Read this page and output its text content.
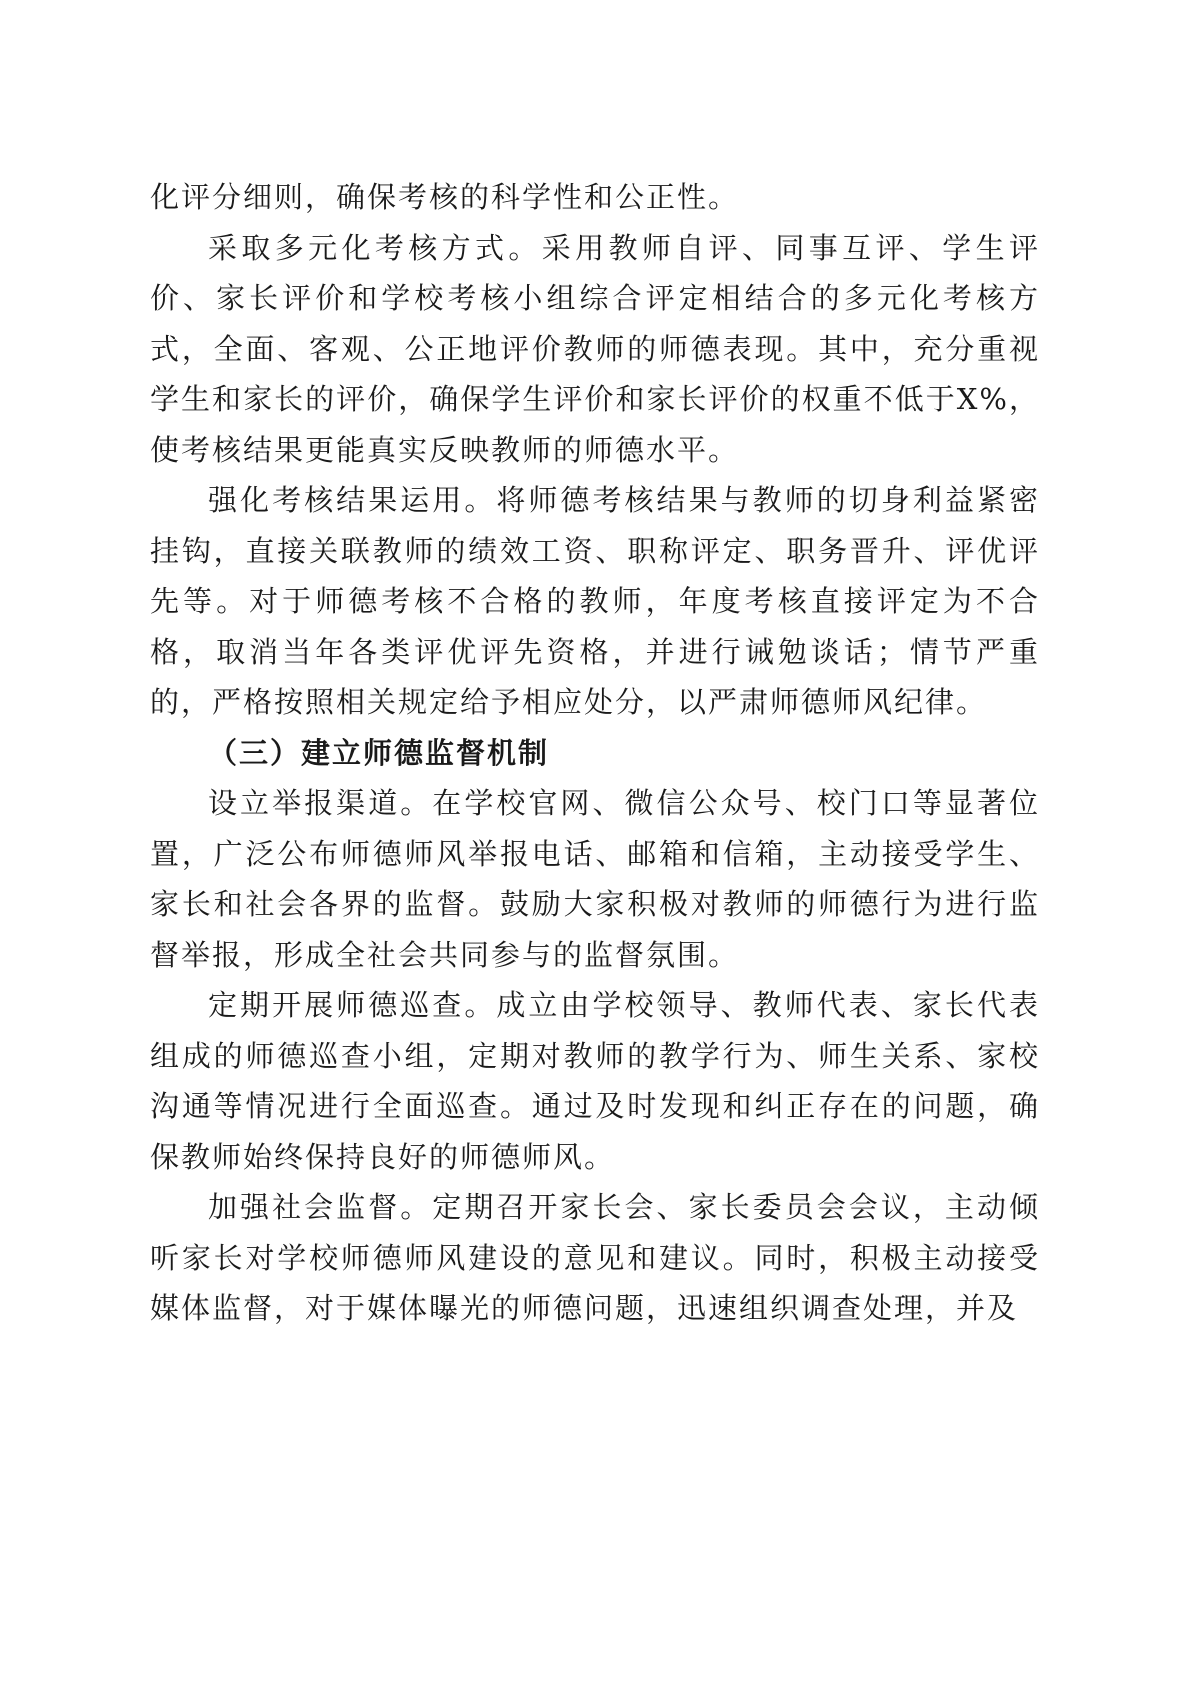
化评分细则，确保考核的科学性和公正性。

采取多元化考核方式。采用教师自评、同事互评、学生评价、家长评价和学校考核小组综合评定相结合的多元化考核方式，全面、客观、公正地评价教师的师德表现。其中，充分重视学生和家长的评价，确保学生评价和家长评价的权重不低于X%，使考核结果更能真实反映教师的师德水平。

强化考核结果运用。将师德考核结果与教师的切身利益紧密挂钩，直接关联教师的绩效工资、职称评定、职务晋升、评优评先等。对于师德考核不合格的教师，年度考核直接评定为不合格，取消当年各类评优评先资格，并进行诫勉谈话；情节严重的，严格按照相关规定给予相应处分，以严肃师德师风纪律。

（三）建立师德监督机制

设立举报渠道。在学校官网、微信公众号、校门口等显著位置，广泛公布师德师风举报电话、邮箱和信箱，主动接受学生、家长和社会各界的监督。鼓励大家积极对教师的师德行为进行监督举报，形成全社会共同参与的监督氛围。

定期开展师德巡查。成立由学校领导、教师代表、家长代表组成的师德巡查小组，定期对教师的教学行为、师生关系、家校沟通等情况进行全面巡查。通过及时发现和纠正存在的问题，确保教师始终保持良好的师德师风。

加强社会监督。定期召开家长会、家长委员会会议，主动倾听家长对学校师德师风建设的意见和建议。同时，积极主动接受媒体监督，对于媒体曝光的师德问题，迅速组织调查处理，并及
